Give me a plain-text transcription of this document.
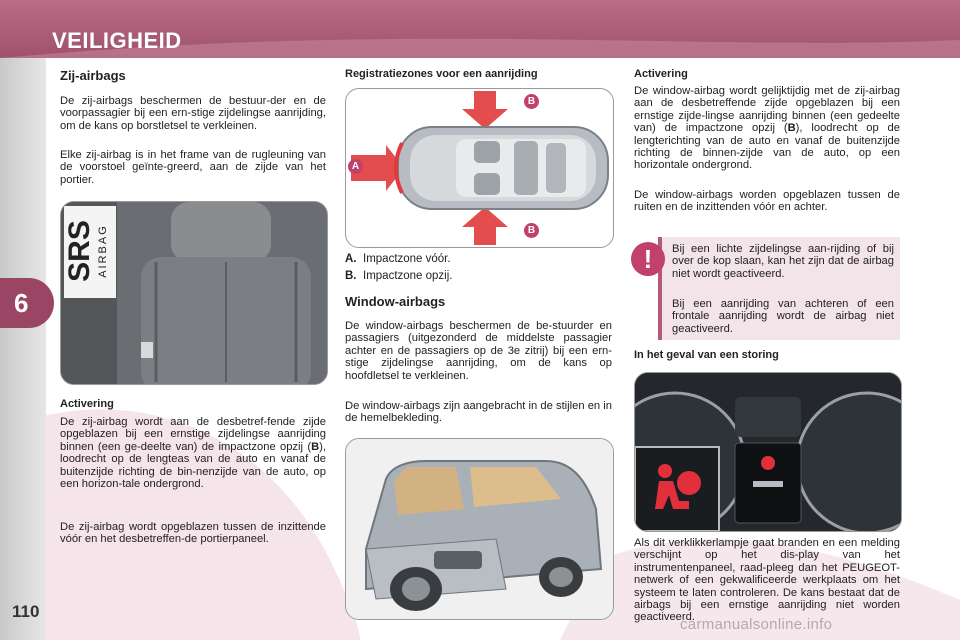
VEILIGHEID
6
110
Zij-airbags

De zij-airbags beschermen de bestuur-der en de voorpassagier bij een ern-stige zijdelingse aanrijding, om de kans op borstletsel te verkleinen.

Elke zij-airbag is in het frame van de rugleuning van de voorstoel geïnte-greerd, aan de zijde van het portier.

SRS AIRBAG
Activering

De zij-airbag wordt aan de desbetref-fende zijde opgeblazen bij een ernstige zijdelingse aanrijding binnen (een ge-deelte van) de impactzone opzij (B), loodrecht op de lengteas van de auto en vanaf de buitenzijde richting de bin-nenzijde van de auto, op een horizon-tale ondergrond.

De zij-airbag wordt opgeblazen tussen de inzittende vóór en het desbetreffen-de portierpaneel.

Registratiezones voor een aanrijding
A
B
B
A. Impactzone vóór.
B. Impactzone opzij.
Window-airbags

De window-airbags beschermen de be-stuurder en passagiers (uitgezonderd de middelste passagier achter en de passagiers op de 3e zitrij) bij een ern-stige zijdelingse aanrijding, om de kans op hoofdletsel te verkleinen.

De window-airbags zijn aangebracht in de stijlen en in de hemelbekleding.

Activering

De window-airbag wordt gelijktijdig met de zij-airbag aan de desbetreffende zijde opgeblazen bij een ernstige zijde-lingse aanrijding binnen (een gedeelte van) de impactzone opzij (B), loodrecht op de lengterichting van de auto en vanaf de buitenzijde richting de binnen-zijde van de auto, op een horizontale ondergrond.

De window-airbags worden opgeblazen tussen de ruiten en de inzittenden vóór en achter.

!	Bij een lichte zijdelingse aan-rijding of bij over de kop slaan, kan het zijn dat de airbag niet wordt geactiveerd.

Bij een aanrijding van achteren of een frontale aanrijding wordt de airbag niet geactiveerd.

In het geval van een storing

Als dit verklikkerlampje gaat branden en een melding verschijnt op het dis-play van het instrumentenpaneel, raad-pleeg dan het PEUGEOT-netwerk of een gekwalificeerde werkplaats om het systeem te laten controleren. De kans bestaat dat de airbags bij een ernstige aanrijding niet worden geactiveerd.

carmanualsonline.info
